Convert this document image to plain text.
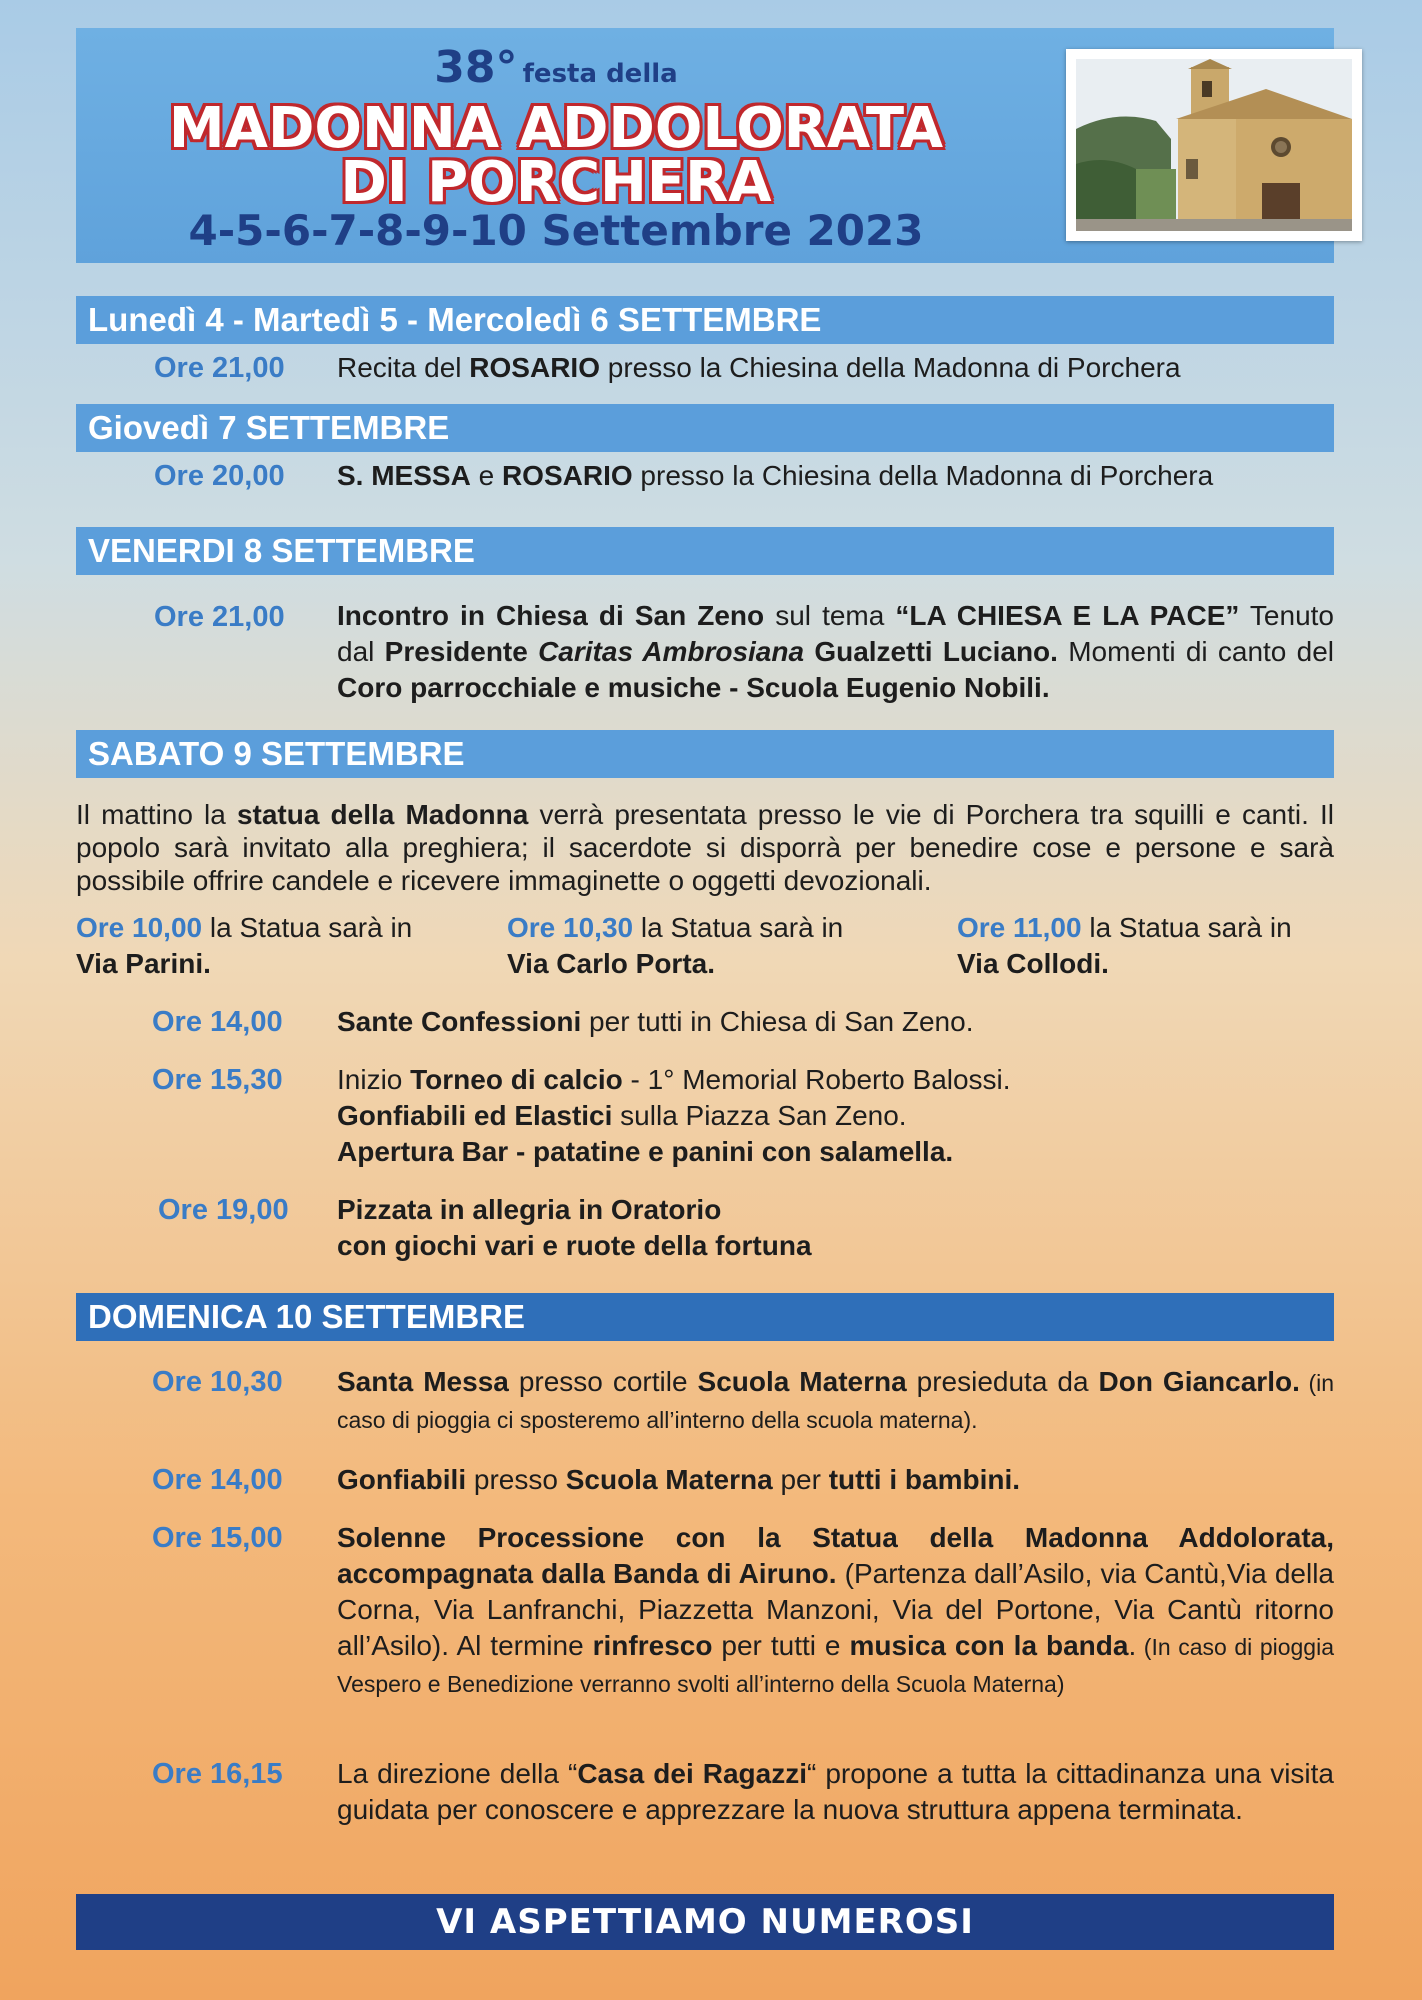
38° festa della
MADONNA ADDOLORATA
DI PORCHERA
4-5-6-7-8-9-10 Settembre 2023
Lunedì 4 - Martedì 5 - Mercoledì 6 SETTEMBRE
Ore 21,00 Recita del ROSARIO presso la Chiesina della Madonna di Porchera
Giovedì 7 SETTEMBRE
Ore 20,00 S. MESSA e ROSARIO presso la Chiesina della Madonna di Porchera
VENERDI 8 SETTEMBRE
Ore 21,00 Incontro in Chiesa di San Zeno sul tema “LA CHIESA E LA PACE” Tenuto dal Presidente Caritas Ambrosiana Gualzetti Luciano. Momenti di canto del Coro parrocchiale e musiche - Scuola Eugenio Nobili.
SABATO 9 SETTEMBRE
Il mattino la statua della Madonna verrà presentata presso le vie di Porchera tra squilli e canti. Il popolo sarà invitato alla preghiera; il sacerdote si disporrà per benedire cose e persone e sarà possibile offrire candele e ricevere immaginette o oggetti devozionali.
Ore 10,00 la Statua sarà in
Via Parini.
Ore 10,30 la Statua sarà in
Via Carlo Porta.
Ore 11,00 la Statua sarà in
Via Collodi.
Ore 14,00 Sante Confessioni per tutti in Chiesa di San Zeno.
Ore 15,30 Inizio Torneo di calcio - 1° Memorial Roberto Balossi.
Gonfiabili ed Elastici sulla Piazza San Zeno.
Apertura Bar - patatine e panini con salamella.
Ore 19,00 Pizzata in allegria in Oratorio
con giochi vari e ruote della fortuna
DOMENICA 10 SETTEMBRE
Ore 10,30 Santa Messa presso cortile Scuola Materna presieduta da Don Giancarlo. (in caso di pioggia ci sposteremo all’interno della scuola materna).
Ore 14,00 Gonfiabili presso Scuola Materna per tutti i bambini.
Ore 15,00 Solenne Processione con la Statua della Madonna Addolorata, accompagnata dalla Banda di Airuno. (Partenza dall’Asilo, via Cantù,Via della Corna, Via Lanfranchi, Piazzetta Manzoni, Via del Portone, Via Cantù ritorno all’Asilo). Al termine rinfresco per tutti e musica con la banda. (In caso di pioggia Vespero e Benedizione verranno svolti all’interno della Scuola Materna)
Ore 16,15 La direzione della “Casa dei Ragazzi“ propone a tutta la cittadinanza una visita guidata per conoscere e apprezzare la nuova struttura appena terminata.
VI ASPETTIAMO NUMEROSI
